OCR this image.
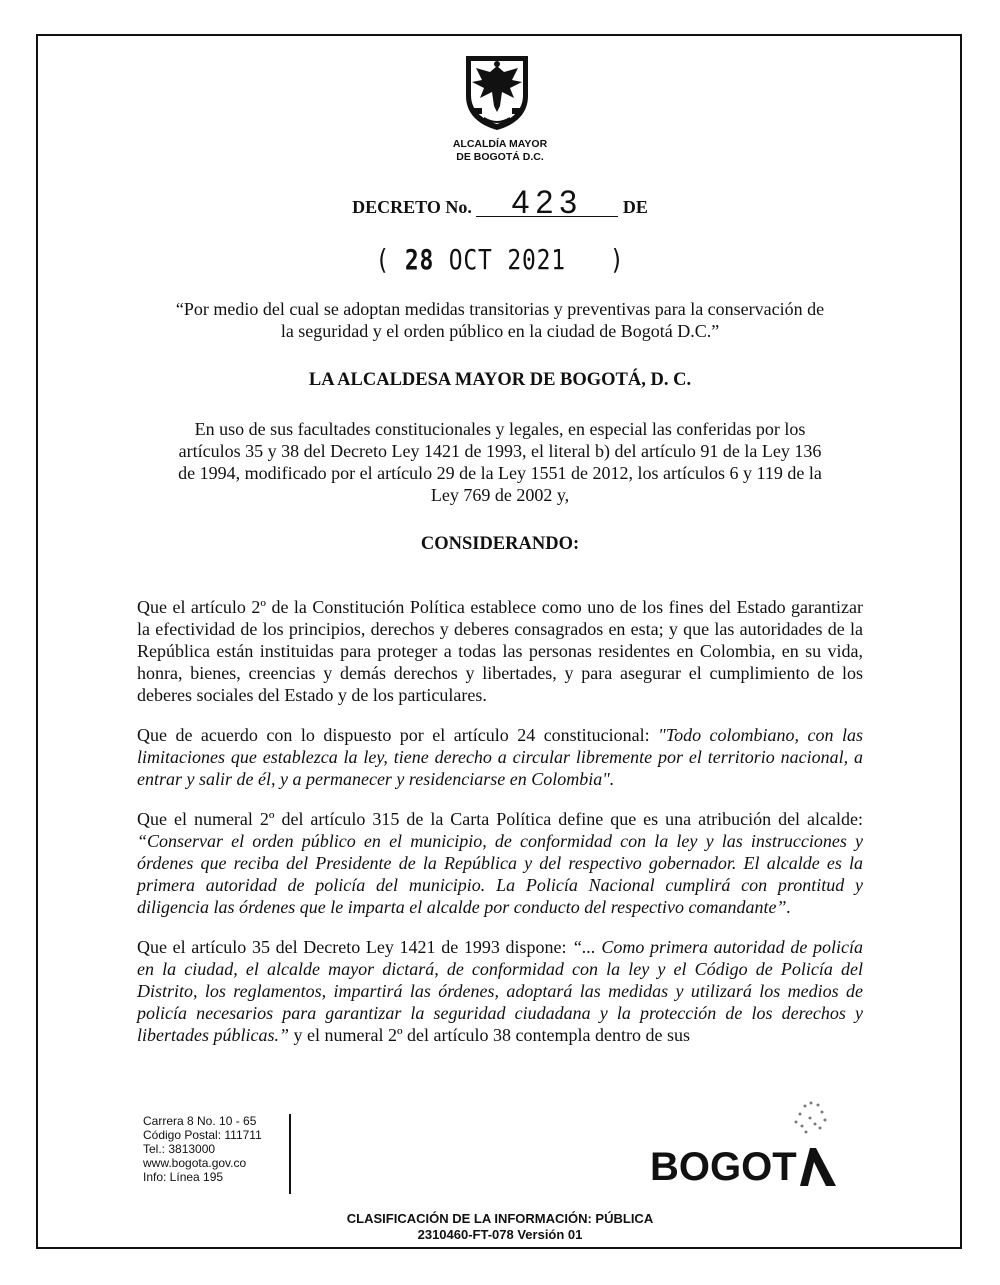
ALCALDÍA MAYOR
DE BOGOTÁ D.C.
DECRETO No. 423 DE
( 28 OCT 2021 )
“Por medio del cual se adoptan medidas transitorias y preventivas para la conservación de
la seguridad y el orden público en la ciudad de Bogotá D.C.”
LA ALCALDESA MAYOR DE BOGOTÁ, D. C.
En uso de sus facultades constitucionales y legales, en especial las conferidas por los
artículos 35 y 38 del Decreto Ley 1421 de 1993, el literal b) del artículo 91 de la Ley 136
de 1994, modificado por el artículo 29 de la Ley 1551 de 2012, los artículos 6 y 119 de la
Ley 769 de 2002 y,
CONSIDERANDO:

Que el artículo 2º de la Constitución Política establece como uno de los fines del Estado garantizar la efectividad de los principios, derechos y deberes consagrados en esta; y que las autoridades de la República están instituidas para proteger a todas las personas residentes en Colombia, en su vida, honra, bienes, creencias y demás derechos y libertades, y para asegurar el cumplimiento de los deberes sociales del Estado y de los particulares.

Que de acuerdo con lo dispuesto por el artículo 24 constitucional: "Todo colombiano, con las limitaciones que establezca la ley, tiene derecho a circular libremente por el territorio nacional, a entrar y salir de él, y a permanecer y residenciarse en Colombia".

Que el numeral 2º del artículo 315 de la Carta Política define que es una atribución del alcalde: “Conservar el orden público en el municipio, de conformidad con la ley y las instrucciones y órdenes que reciba del Presidente de la República y del respectivo gobernador. El alcalde es la primera autoridad de policía del municipio. La Policía Nacional cumplirá con prontitud y diligencia las órdenes que le imparta el alcalde por conducto del respectivo comandante”.

Que el artículo 35 del Decreto Ley 1421 de 1993 dispone: “... Como primera autoridad de policía en la ciudad, el alcalde mayor dictará, de conformidad con la ley y el Código de Policía del Distrito, los reglamentos, impartirá las órdenes, adoptará las medidas y utilizará los medios de policía necesarios para garantizar la seguridad ciudadana y la protección de los derechos y libertades públicas.” y el numeral 2º del artículo 38 contempla dentro de sus

Carrera 8 No. 10 - 65
Código Postal: 111711
Tel.: 3813000
www.bogota.gov.co
Info: Línea 195	BOGOT
CLASIFICACIÓN DE LA INFORMACIÓN: PÚBLICA
2310460-FT-078 Versión 01
